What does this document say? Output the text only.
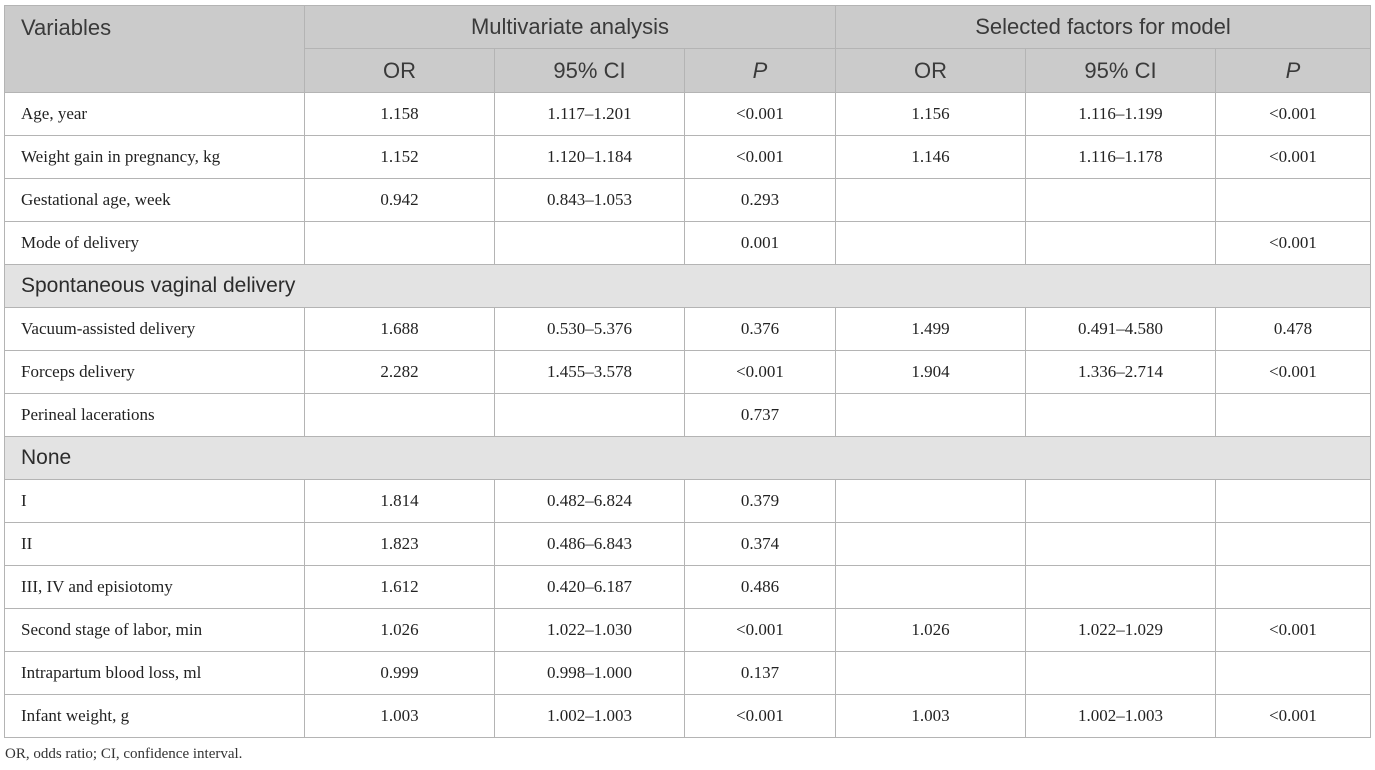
Variables	Multivariate analysis			Selected factors for model		
	OR	95% CI	P	OR	95% CI	P
Age, year	1.158	1.117–1.201	<0.001	1.156	1.116–1.199	<0.001
Weight gain in pregnancy, kg	1.152	1.120–1.184	<0.001	1.146	1.116–1.178	<0.001
Gestational age, week	0.942	0.843–1.053	0.293			
Mode of delivery			0.001			<0.001
Spontaneous vaginal delivery						
Vacuum-assisted delivery	1.688	0.530–5.376	0.376	1.499	0.491–4.580	0.478
Forceps delivery	2.282	1.455–3.578	<0.001	1.904	1.336–2.714	<0.001
Perineal lacerations			0.737			
None						
I	1.814	0.482–6.824	0.379			
II	1.823	0.486–6.843	0.374			
III, IV and episiotomy	1.612	0.420–6.187	0.486			
Second stage of labor, min	1.026	1.022–1.030	<0.001	1.026	1.022–1.029	<0.001
Intrapartum blood loss, ml	0.999	0.998–1.000	0.137			
Infant weight, g	1.003	1.002–1.003	<0.001	1.003	1.002–1.003	<0.001
OR, odds ratio; CI, confidence interval.
